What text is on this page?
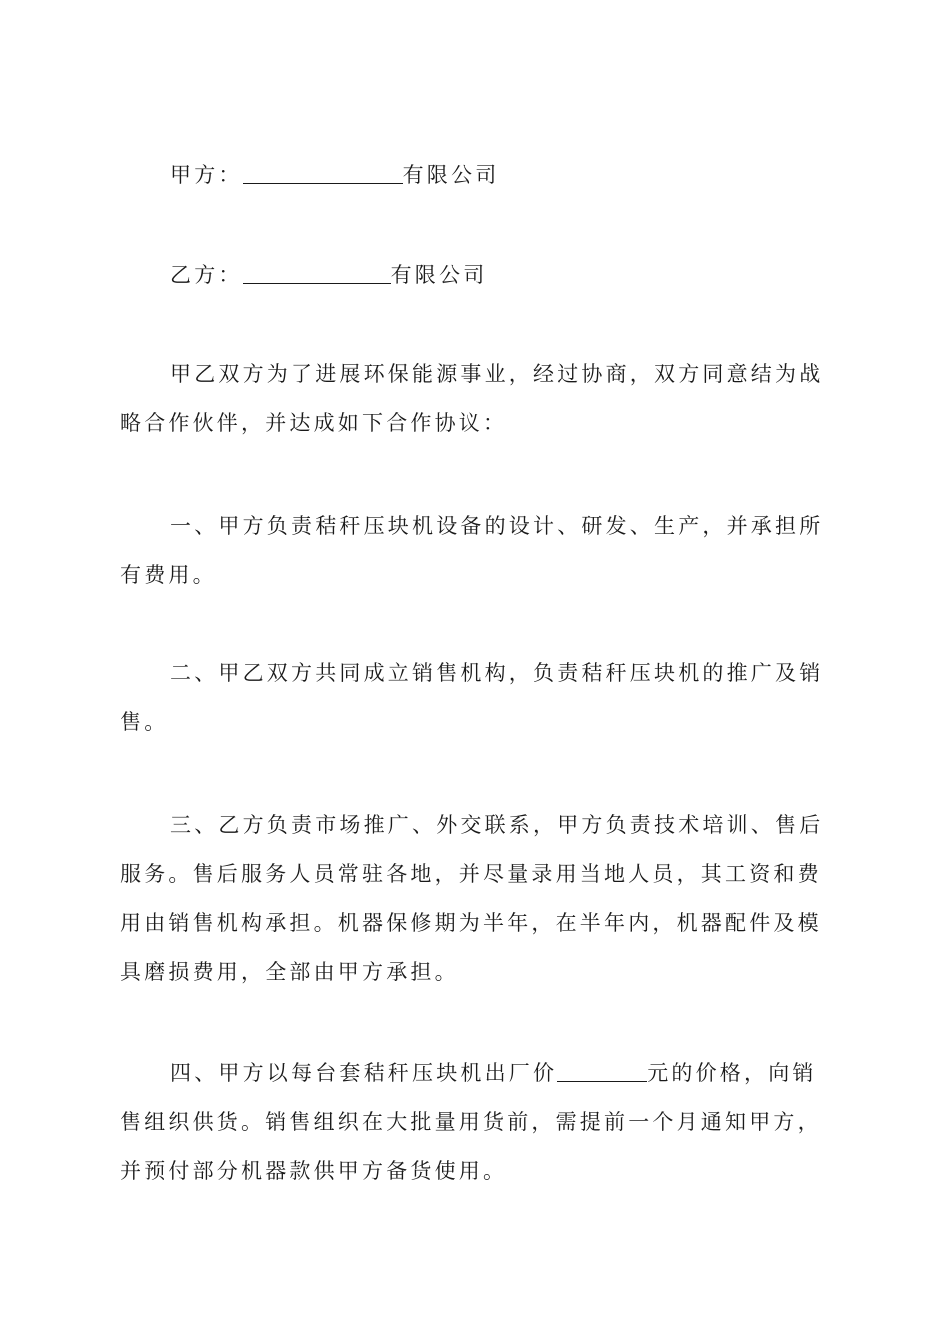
甲方：	有限公司

乙方：	有限公司

甲乙双方为了进展环保能源事业，经过协商，双方同意结为战略合作伙伴，并达成如下合作协议：

一、甲方负责秸秆压块机设备的设计、研发、生产，并承担所有费用。

二、甲乙双方共同成立销售机构，负责秸秆压块机的推广及销售。

三、乙方负责市场推广、外交联系，甲方负责技术培训、售后服务。售后服务人员常驻各地，并尽量录用当地人员，其工资和费用由销售机构承担。机器保修期为半年，在半年内，机器配件及模具磨损费用，全部由甲方承担。

四、甲方以每台套秸秆压块机出厂价	元的价格，向销售组织供货。销售组织在大批量用货前，需提前一个月通知甲方，并预付部分机器款供甲方备货使用。
